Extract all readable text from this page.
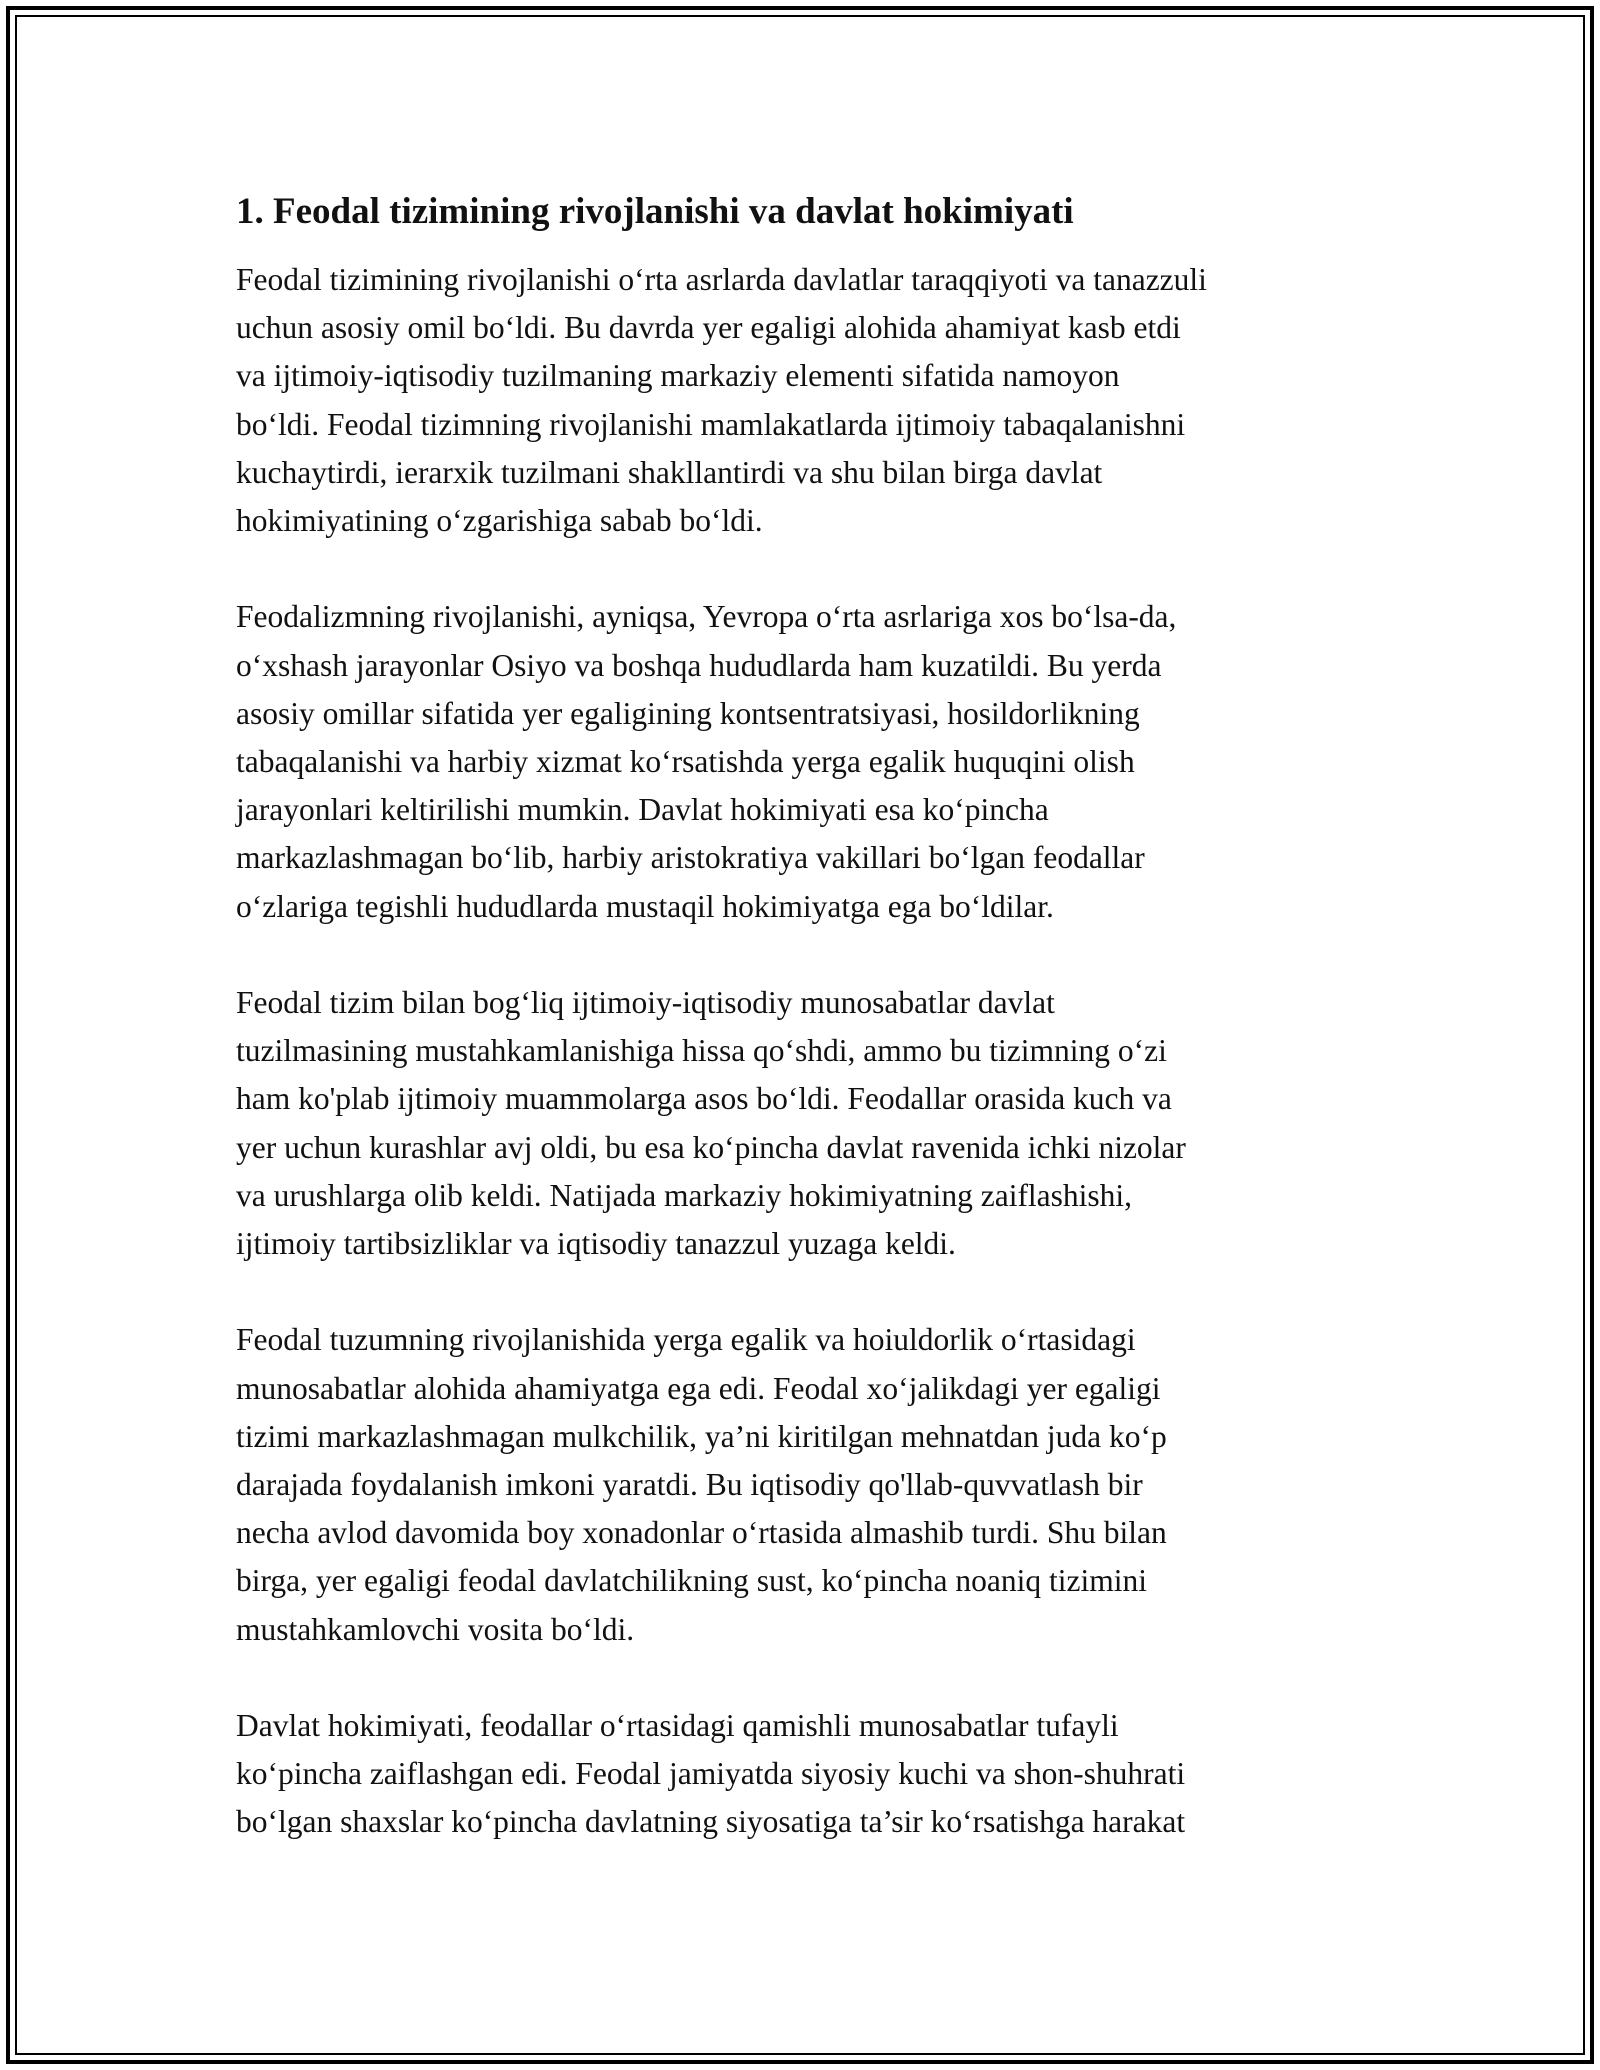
1. Feodal tizimining rivojlanishi va davlat hokimiyati
Feodal tizimining rivojlanishi o‘rta asrlarda davlatlar taraqqiyoti va tanazzuli
uchun asosiy omil bo‘ldi. Bu davrda yer egaligi alohida ahamiyat kasb etdi
va ijtimoiy-iqtisodiy tuzilmaning markaziy elementi sifatida namoyon
bo‘ldi. Feodal tizimning rivojlanishi mamlakatlarda ijtimoiy tabaqalanishni
kuchaytirdi, ierarxik tuzilmani shakllantirdi va shu bilan birga davlat
hokimiyatining o‘zgarishiga sabab bo‘ldi.
Feodalizmning rivojlanishi, ayniqsa, Yevropa o‘rta asrlariga xos bo‘lsa-da,
o‘xshash jarayonlar Osiyo va boshqa hududlarda ham kuzatildi. Bu yerda
asosiy omillar sifatida yer egaligining kontsentratsiyasi, hosildorlikning
tabaqalanishi va harbiy xizmat ko‘rsatishda yerga egalik huquqini olish
jarayonlari keltirilishi mumkin. Davlat hokimiyati esa ko‘pincha
markazlashmagan bo‘lib, harbiy aristokratiya vakillari bo‘lgan feodallar
o‘zlariga tegishli hududlarda mustaqil hokimiyatga ega bo‘ldilar.
Feodal tizim bilan bog‘liq ijtimoiy-iqtisodiy munosabatlar davlat
tuzilmasining mustahkamlanishiga hissa qo‘shdi, ammo bu tizimning o‘zi
ham ko'plab ijtimoiy muammolarga asos bo‘ldi. Feodallar orasida kuch va
yer uchun kurashlar avj oldi, bu esa ko‘pincha davlat ravenida ichki nizolar
va urushlarga olib keldi. Natijada markaziy hokimiyatning zaiflashishi,
ijtimoiy tartibsizliklar va iqtisodiy tanazzul yuzaga keldi.
Feodal tuzumning rivojlanishida yerga egalik va hoiuldorlik o‘rtasidagi
munosabatlar alohida ahamiyatga ega edi. Feodal xo‘jalikdagi yer egaligi
tizimi markazlashmagan mulkchilik, ya’ni kiritilgan mehnatdan juda ko‘p
darajada foydalanish imkoni yaratdi. Bu iqtisodiy qo'llab-quvvatlash bir
necha avlod davomida boy xonadonlar o‘rtasida almashib turdi. Shu bilan
birga, yer egaligi feodal davlatchilikning sust, ko‘pincha noaniq tizimini
mustahkamlovchi vosita bo‘ldi.
Davlat hokimiyati, feodallar o‘rtasidagi qamishli munosabatlar tufayli
ko‘pincha zaiflashgan edi. Feodal jamiyatda siyosiy kuchi va shon-shuhrati
bo‘lgan shaxslar ko‘pincha davlatning siyosatiga ta’sir ko‘rsatishga harakat
